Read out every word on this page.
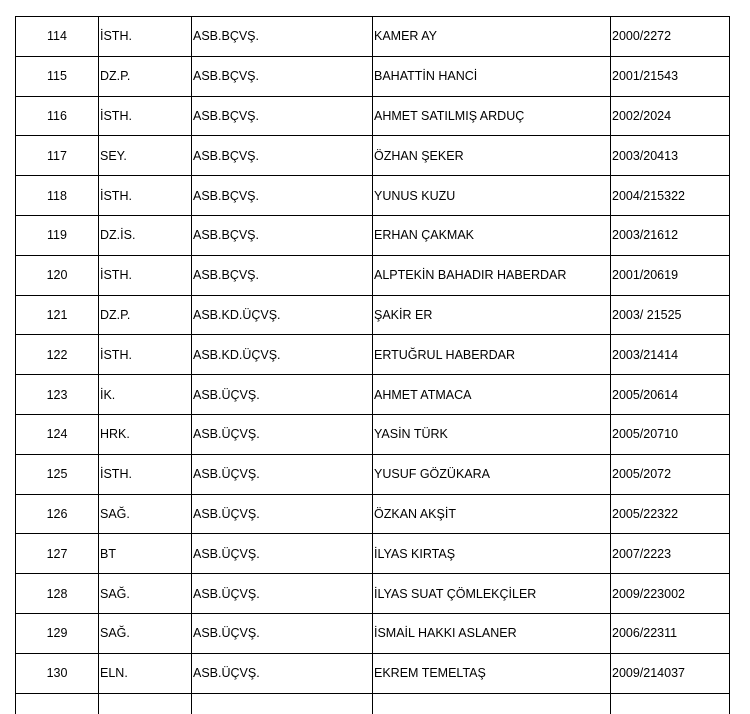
114	İSTH.	ASB.BÇVŞ.	KAMER AY	2000/2272
115	DZ.P.	ASB.BÇVŞ.	BAHATTİN HANCİ	2001/21543
116	İSTH.	ASB.BÇVŞ.	AHMET SATILMIŞ ARDUÇ	2002/2024
117	SEY.	ASB.BÇVŞ.	ÖZHAN ŞEKER	2003/20413
118	İSTH.	ASB.BÇVŞ.	YUNUS KUZU	2004/215322
119	DZ.İS.	ASB.BÇVŞ.	ERHAN ÇAKMAK	2003/21612
120	İSTH.	ASB.BÇVŞ.	ALPTEKİN BAHADIR HABERDAR	2001/20619
121	DZ.P.	ASB.KD.ÜÇVŞ.	ŞAKİR ER	2003/ 21525
122	İSTH.	ASB.KD.ÜÇVŞ.	ERTUĞRUL HABERDAR	2003/21414
123	İK.	ASB.ÜÇVŞ.	AHMET ATMACA	2005/20614
124	HRK.	ASB.ÜÇVŞ.	YASİN TÜRK	2005/20710
125	İSTH.	ASB.ÜÇVŞ.	YUSUF GÖZÜKARA	2005/2072
126	SAĞ.	ASB.ÜÇVŞ.	ÖZKAN AKŞİT	2005/22322
127	BT	ASB.ÜÇVŞ.	İLYAS KIRTAŞ	2007/2223
128	SAĞ.	ASB.ÜÇVŞ.	İLYAS SUAT ÇÖMLEKÇİLER	2009/223002
129	SAĞ.	ASB.ÜÇVŞ.	İSMAİL HAKKI ASLANER	2006/22311
130	ELN.	ASB.ÜÇVŞ.	EKREM TEMELTAŞ	2009/214037
